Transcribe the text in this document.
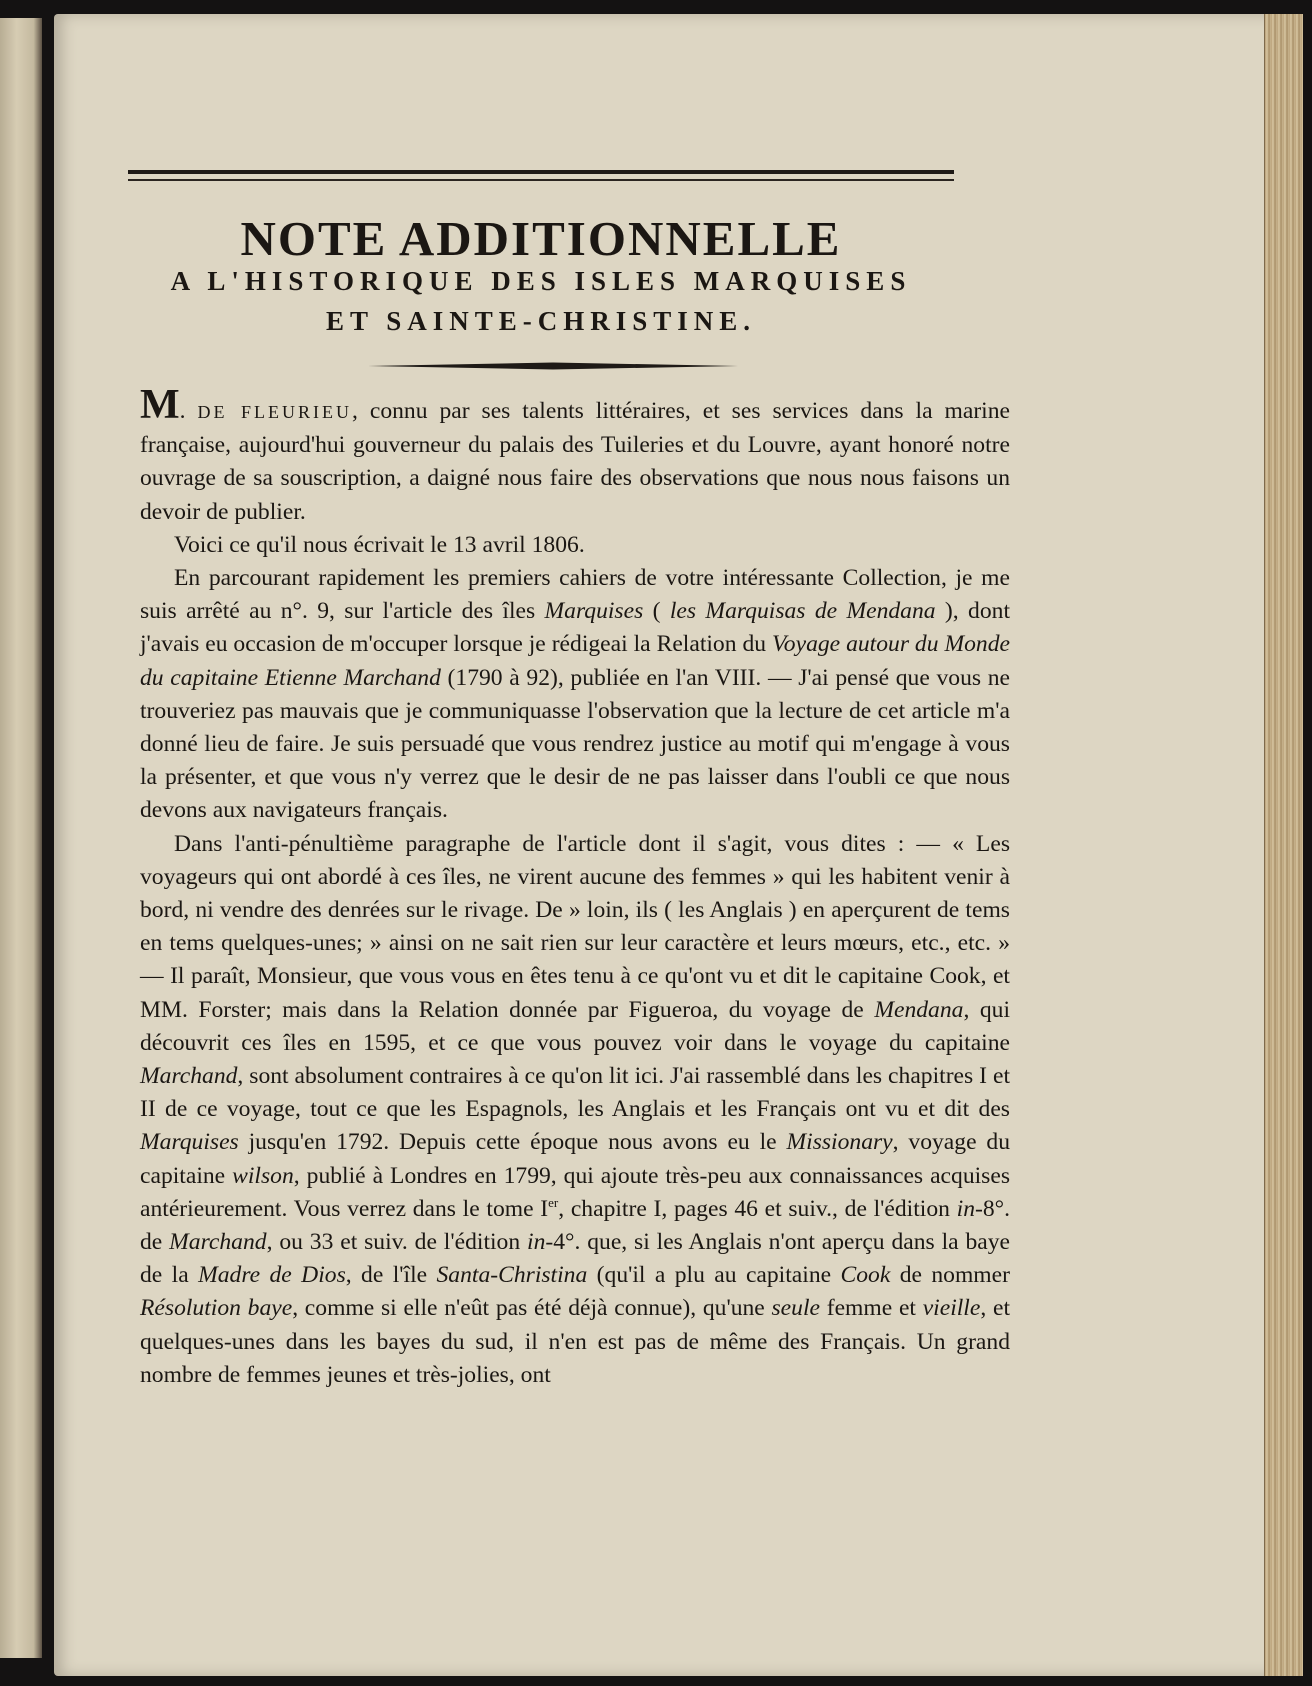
NOTE ADDITIONNELLE
A L'HISTORIQUE DES ISLES MARQUISES
ET SAINTE-CHRISTINE.

M. DE FLEURIEU, connu par ses talents littéraires, et ses services dans la marine française, aujourd'hui gouverneur du palais des Tuileries et du Louvre, ayant honoré notre ouvrage de sa souscription, a daigné nous faire des observations que nous nous faisons un devoir de publier.

Voici ce qu'il nous écrivait le 13 avril 1806.

En parcourant rapidement les premiers cahiers de votre intéressante Collection, je me suis arrêté au n°. 9, sur l'article des îles Marquises ( les Marquisas de Mendana ), dont j'avais eu occasion de m'occuper lorsque je rédigeai la Relation du Voyage autour du Monde du capitaine Etienne Marchand (1790 à 92), publiée en l'an VIII. — J'ai pensé que vous ne trouveriez pas mauvais que je communiquasse l'observation que la lecture de cet article m'a donné lieu de faire. Je suis persuadé que vous rendrez justice au motif qui m'engage à vous la présenter, et que vous n'y verrez que le desir de ne pas laisser dans l'oubli ce que nous devons aux navigateurs français.

Dans l'anti-pénultième paragraphe de l'article dont il s'agit, vous dites : — « Les voyageurs qui ont abordé à ces îles, ne virent aucune des femmes » qui les habitent venir à bord, ni vendre des denrées sur le rivage. De » loin, ils ( les Anglais ) en aperçurent de tems en tems quelques-unes; » ainsi on ne sait rien sur leur caractère et leurs mœurs, etc., etc. » — Il paraît, Monsieur, que vous vous en êtes tenu à ce qu'ont vu et dit le capitaine Cook, et MM. Forster; mais dans la Relation donnée par Figueroa, du voyage de Mendana, qui découvrit ces îles en 1595, et ce que vous pouvez voir dans le voyage du capitaine Marchand, sont absolument contraires à ce qu'on lit ici. J'ai rassemblé dans les chapitres I et II de ce voyage, tout ce que les Espagnols, les Anglais et les Français ont vu et dit des Marquises jusqu'en 1792. Depuis cette époque nous avons eu le Missionary, voyage du capitaine wilson, publié à Londres en 1799, qui ajoute très-peu aux connaissances acquises antérieurement. Vous verrez dans le tome Ier, chapitre I, pages 46 et suiv., de l'édition in-8°. de Marchand, ou 33 et suiv. de l'édition in-4°. que, si les Anglais n'ont aperçu dans la baye de la Madre de Dios, de l'île Santa-Christina (qu'il a plu au capitaine Cook de nommer Résolution baye, comme si elle n'eût pas été déjà connue), qu'une seule femme et vieille, et quelques-unes dans les bayes du sud, il n'en est pas de même des Français. Un grand nombre de femmes jeunes et très-jolies, ont
